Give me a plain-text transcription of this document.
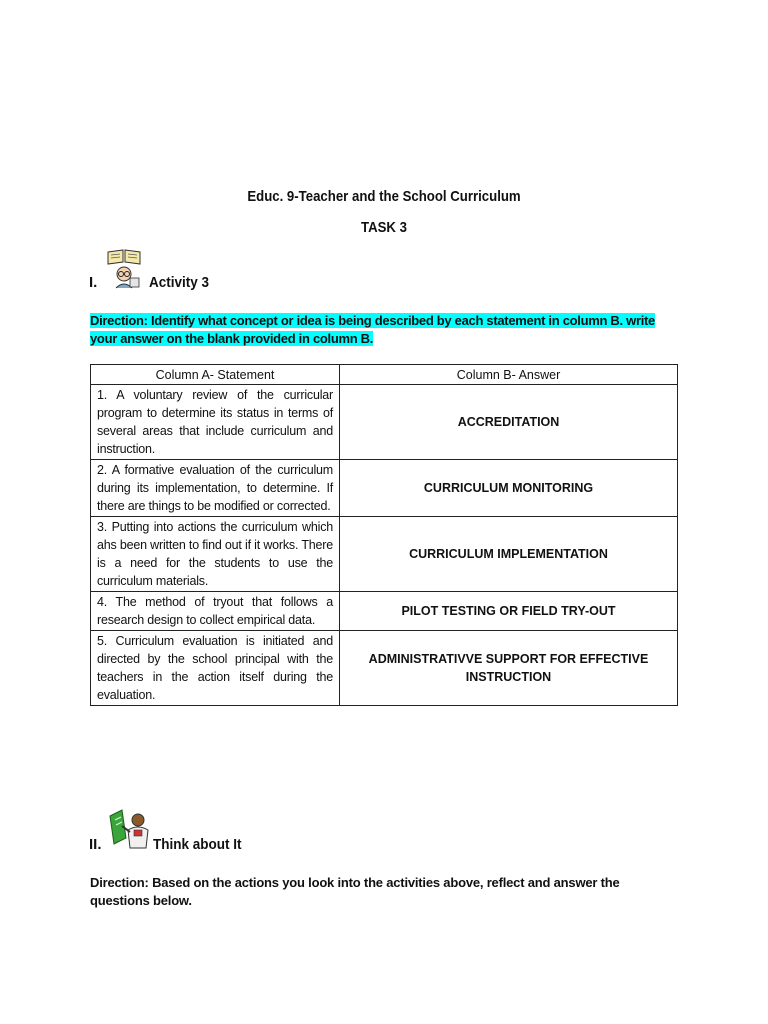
Educ. 9-Teacher and the School Curriculum
TASK 3
I.	Activity 3
Direction: Identify what concept or idea is being described by each statement in column B. write your answer on the blank provided in column B.
Column A- Statement	Column B- Answer
1. A voluntary review of the curricular program to determine its status in terms of several areas that include curriculum and instruction.	ACCREDITATION
2. A formative evaluation of the curriculum during its implementation, to determine. If there are things to be modified or corrected.	CURRICULUM MONITORING
3. Putting into actions the curriculum which ahs been written to find out if it works. There is a need for the students to use the curriculum materials.	CURRICULUM IMPLEMENTATION
4. The method of tryout that follows a research design to collect empirical data.	PILOT TESTING OR FIELD TRY-OUT
5. Curriculum evaluation is initiated and directed by the school principal with the teachers in the action itself during the evaluation.	ADMINISTRATIVVE SUPPORT FOR EFFECTIVE INSTRUCTION
II.	Think about It
Direction: Based on the actions you look into the activities above, reflect and answer the questions below.
